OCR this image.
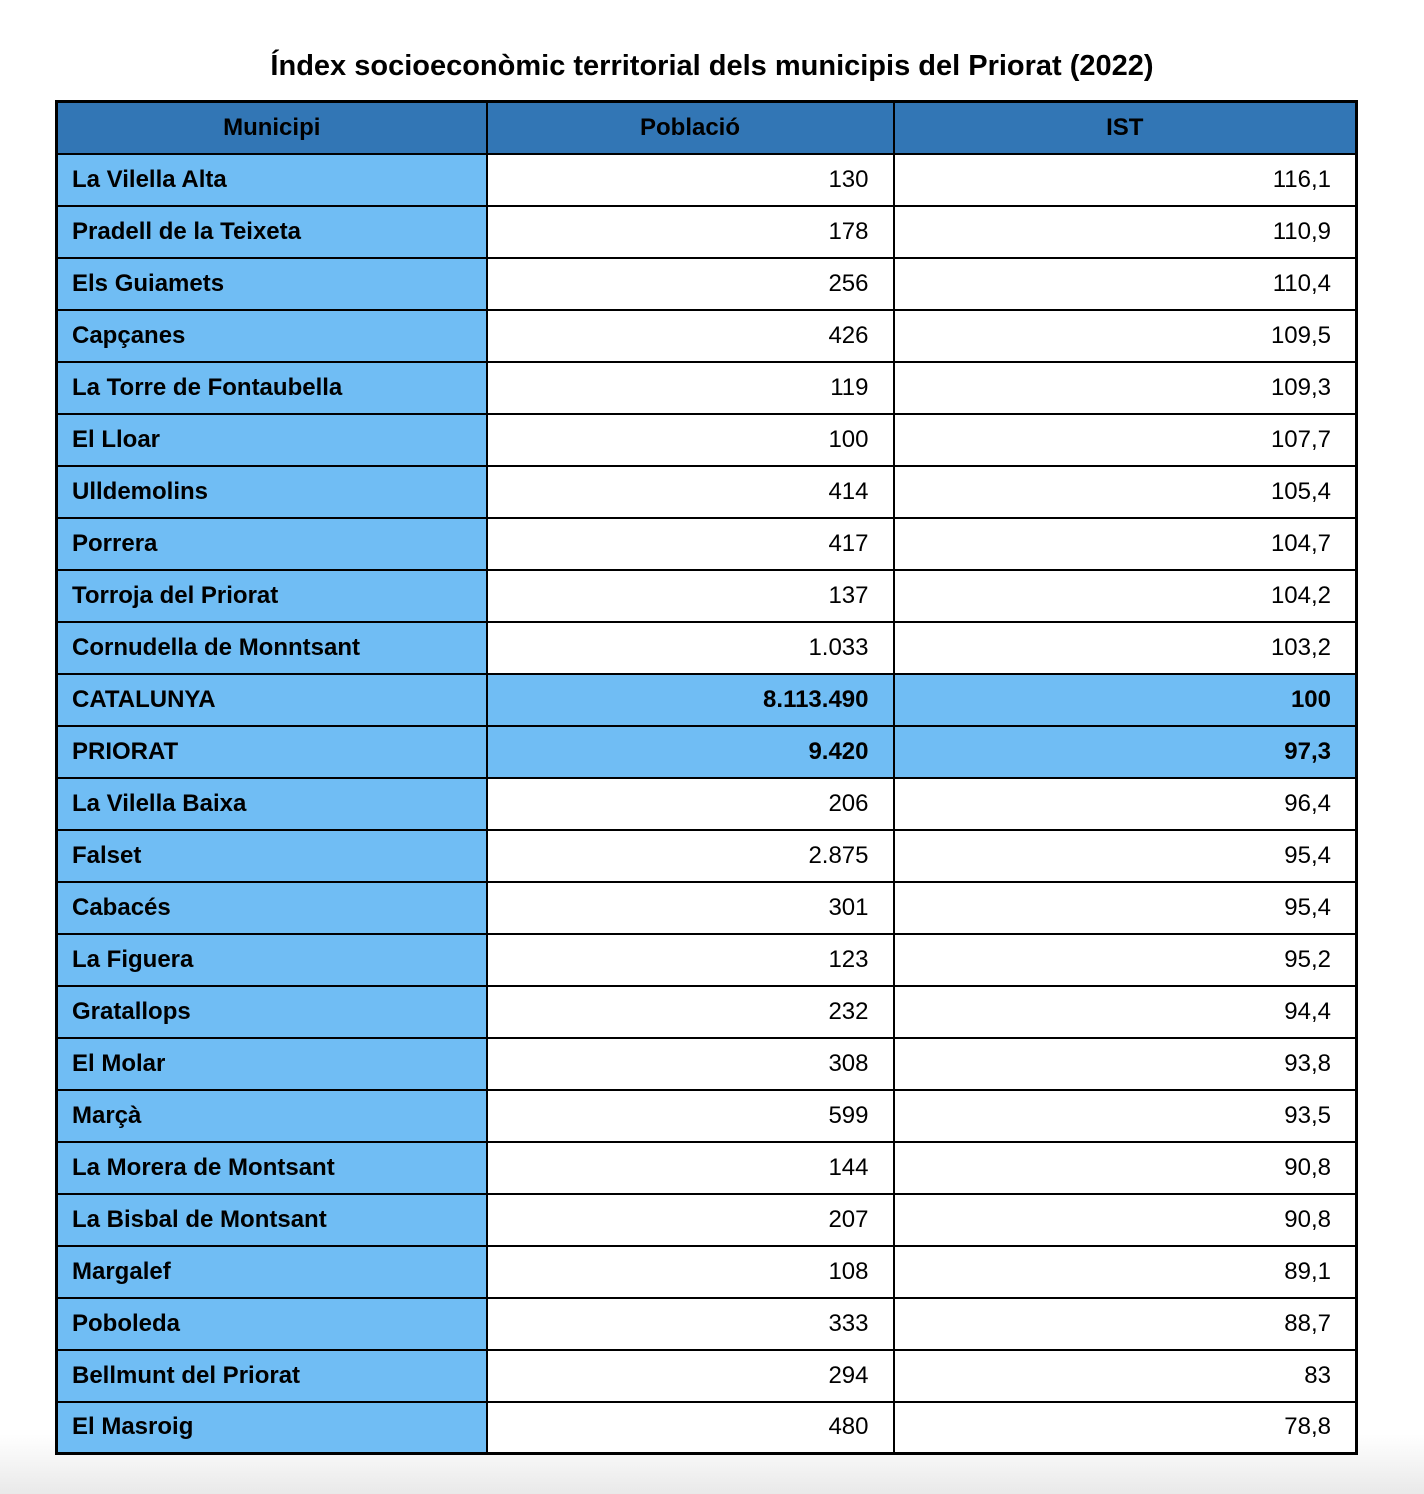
Índex socioeconòmic territorial dels municipis del Priorat (2022)
Municipi	Població	IST
La Vilella Alta	130	116,1
Pradell de la Teixeta	178	110,9
Els Guiamets	256	110,4
Capçanes	426	109,5
La Torre de Fontaubella	119	109,3
El Lloar	100	107,7
Ulldemolins	414	105,4
Porrera	417	104,7
Torroja del Priorat	137	104,2
Cornudella de Monntsant	1.033	103,2
CATALUNYA	8.113.490	100
PRIORAT	9.420	97,3
La Vilella Baixa	206	96,4
Falset	2.875	95,4
Cabacés	301	95,4
La Figuera	123	95,2
Gratallops	232	94,4
El Molar	308	93,8
Marçà	599	93,5
La Morera de Montsant	144	90,8
La Bisbal de Montsant	207	90,8
Margalef	108	89,1
Poboleda	333	88,7
Bellmunt del Priorat	294	83
El Masroig	480	78,8
